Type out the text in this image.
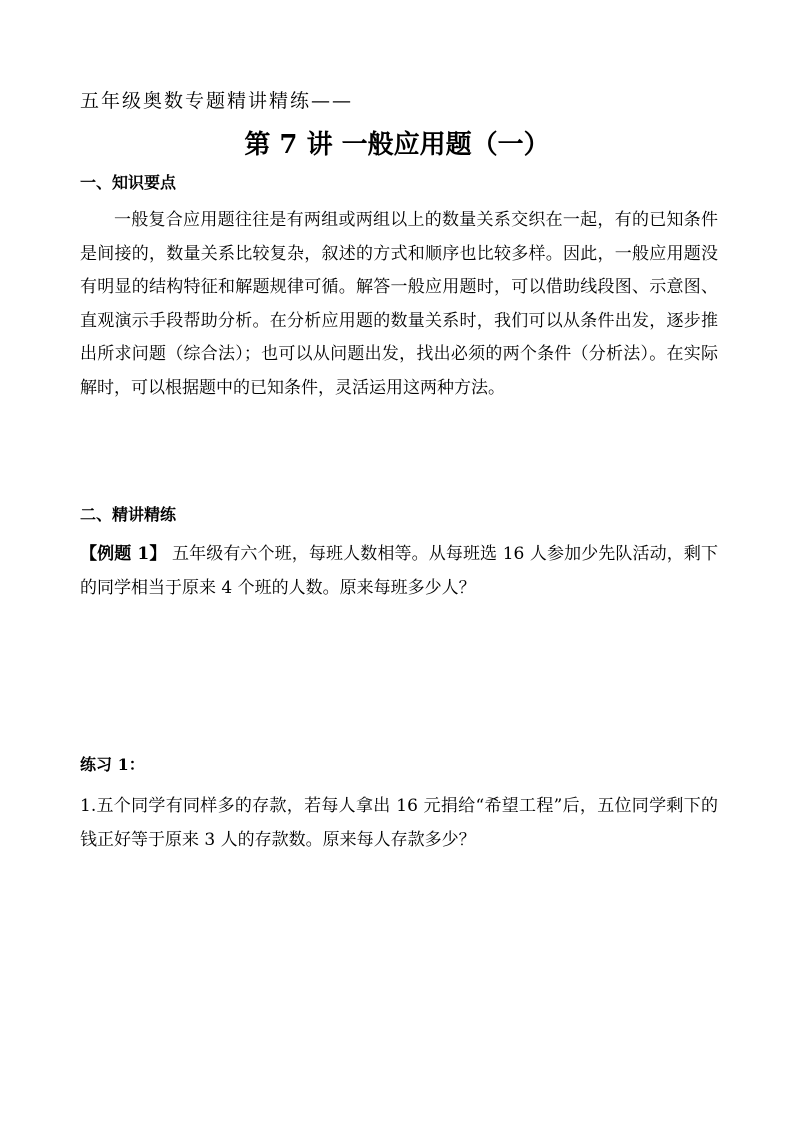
五年级奥数专题精讲精练——
第 7 讲 一般应用题（一）
一、知识要点
一般复合应用题往往是有两组或两组以上的数量关系交织在一起，有的已知条件是间接的，数量关系比较复杂，叙述的方式和顺序也比较多样。因此，一般应用题没有明显的结构特征和解题规律可循。解答一般应用题时，可以借助线段图、示意图、直观演示手段帮助分析。在分析应用题的数量关系时，我们可以从条件出发，逐步推出所求问题（综合法）；也可以从问题出发，找出必须的两个条件（分析法）。在实际解时，可以根据题中的已知条件，灵活运用这两种方法。
二、精讲精练
【例题 1】 五年级有六个班，每班人数相等。从每班选 16 人参加少先队活动，剩下的同学相当于原来 4 个班的人数。原来每班多少人？
练习 1：
1.五个同学有同样多的存款，若每人拿出 16 元捐给“希望工程”后，五位同学剩下的钱正好等于原来 3 人的存款数。原来每人存款多少？
